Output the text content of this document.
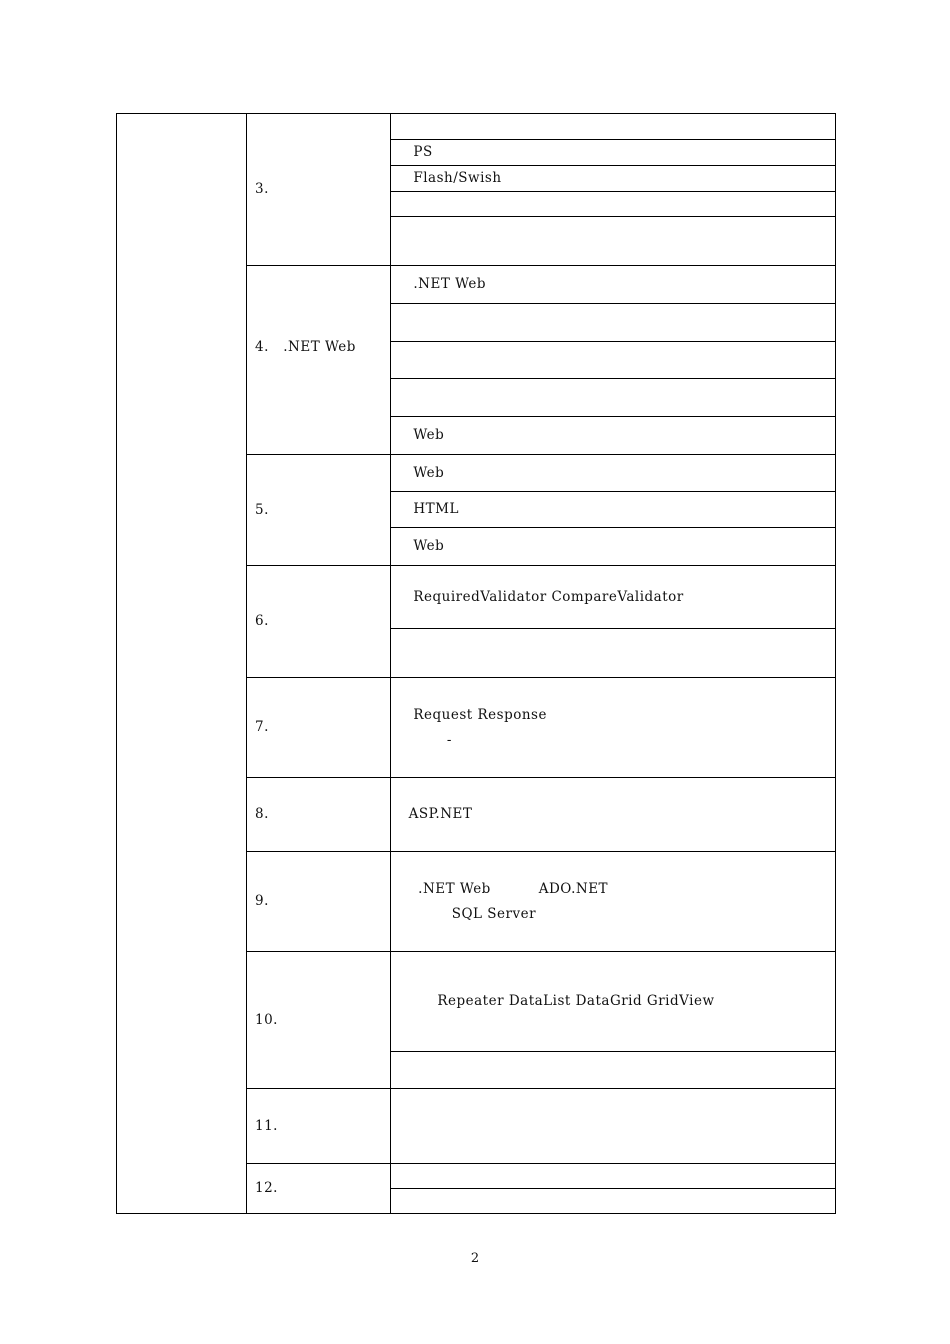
	3.	

		PS

		Flash/Swish

	4.   .NET Web	.NET Web

		Web

	5.	Web

		HTML

		Web

	6.	RequiredValidator CompareValidator

	7.	Request Response
-

	8.	ASP.NET

	9.	.NET Web          ADO.NET
SQL Server

	10.	Repeater DataList DataGrid GridView

	11.	

	12.	

2
